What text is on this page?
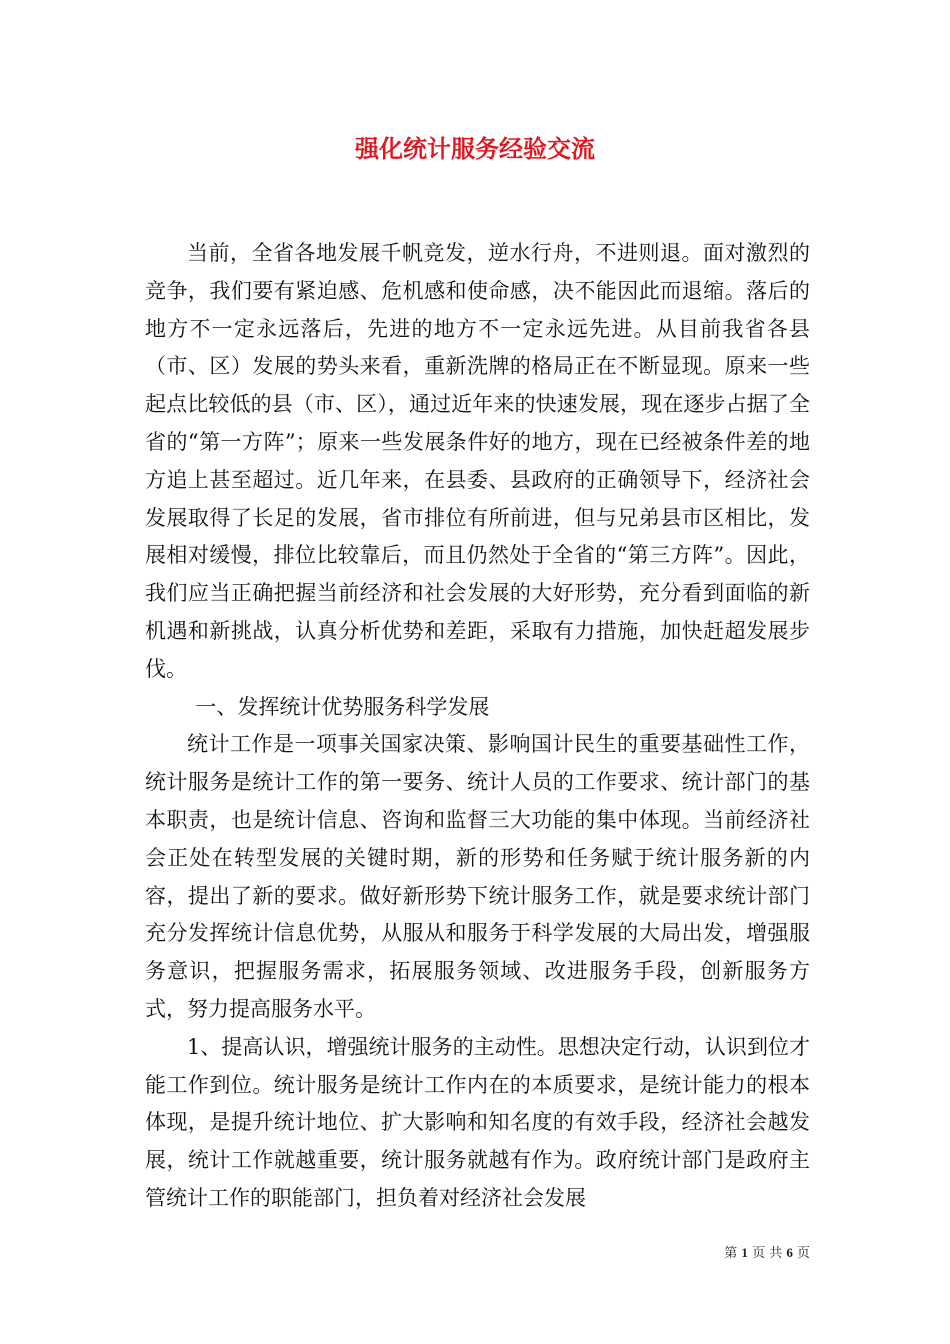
强化统计服务经验交流

当前，全省各地发展千帆竞发，逆水行舟，不进则退。面对激烈的竞争，我们要有紧迫感、危机感和使命感，决不能因此而退缩。落后的地方不一定永远落后，先进的地方不一定永远先进。从目前我省各县（市、区）发展的势头来看，重新洗牌的格局正在不断显现。原来一些起点比较低的县（市、区），通过近年来的快速发展，现在逐步占据了全省的“第一方阵”；原来一些发展条件好的地方，现在已经被条件差的地方追上甚至超过。近几年来，在县委、县政府的正确领导下，经济社会发展取得了长足的发展，省市排位有所前进，但与兄弟县市区相比，发展相对缓慢，排位比较靠后，而且仍然处于全省的“第三方阵”。因此，我们应当正确把握当前经济和社会发展的大好形势，充分看到面临的新机遇和新挑战，认真分析优势和差距，采取有力措施，加快赶超发展步伐。

一、发挥统计优势服务科学发展

统计工作是一项事关国家决策、影响国计民生的重要基础性工作，统计服务是统计工作的第一要务、统计人员的工作要求、统计部门的基本职责，也是统计信息、咨询和监督三大功能的集中体现。当前经济社会正处在转型发展的关键时期，新的形势和任务赋于统计服务新的内容，提出了新的要求。做好新形势下统计服务工作，就是要求统计部门充分发挥统计信息优势，从服从和服务于科学发展的大局出发，增强服务意识，把握服务需求，拓展服务领域、改进服务手段，创新服务方式，努力提高服务水平。

1、提高认识，增强统计服务的主动性。思想决定行动，认识到位才能工作到位。统计服务是统计工作内在的本质要求，是统计能力的根本体现，是提升统计地位、扩大影响和知名度的有效手段，经济社会越发展，统计工作就越重要，统计服务就越有作为。政府统计部门是政府主管统计工作的职能部门，担负着对经济社会发展

第 1 页 共 6 页
